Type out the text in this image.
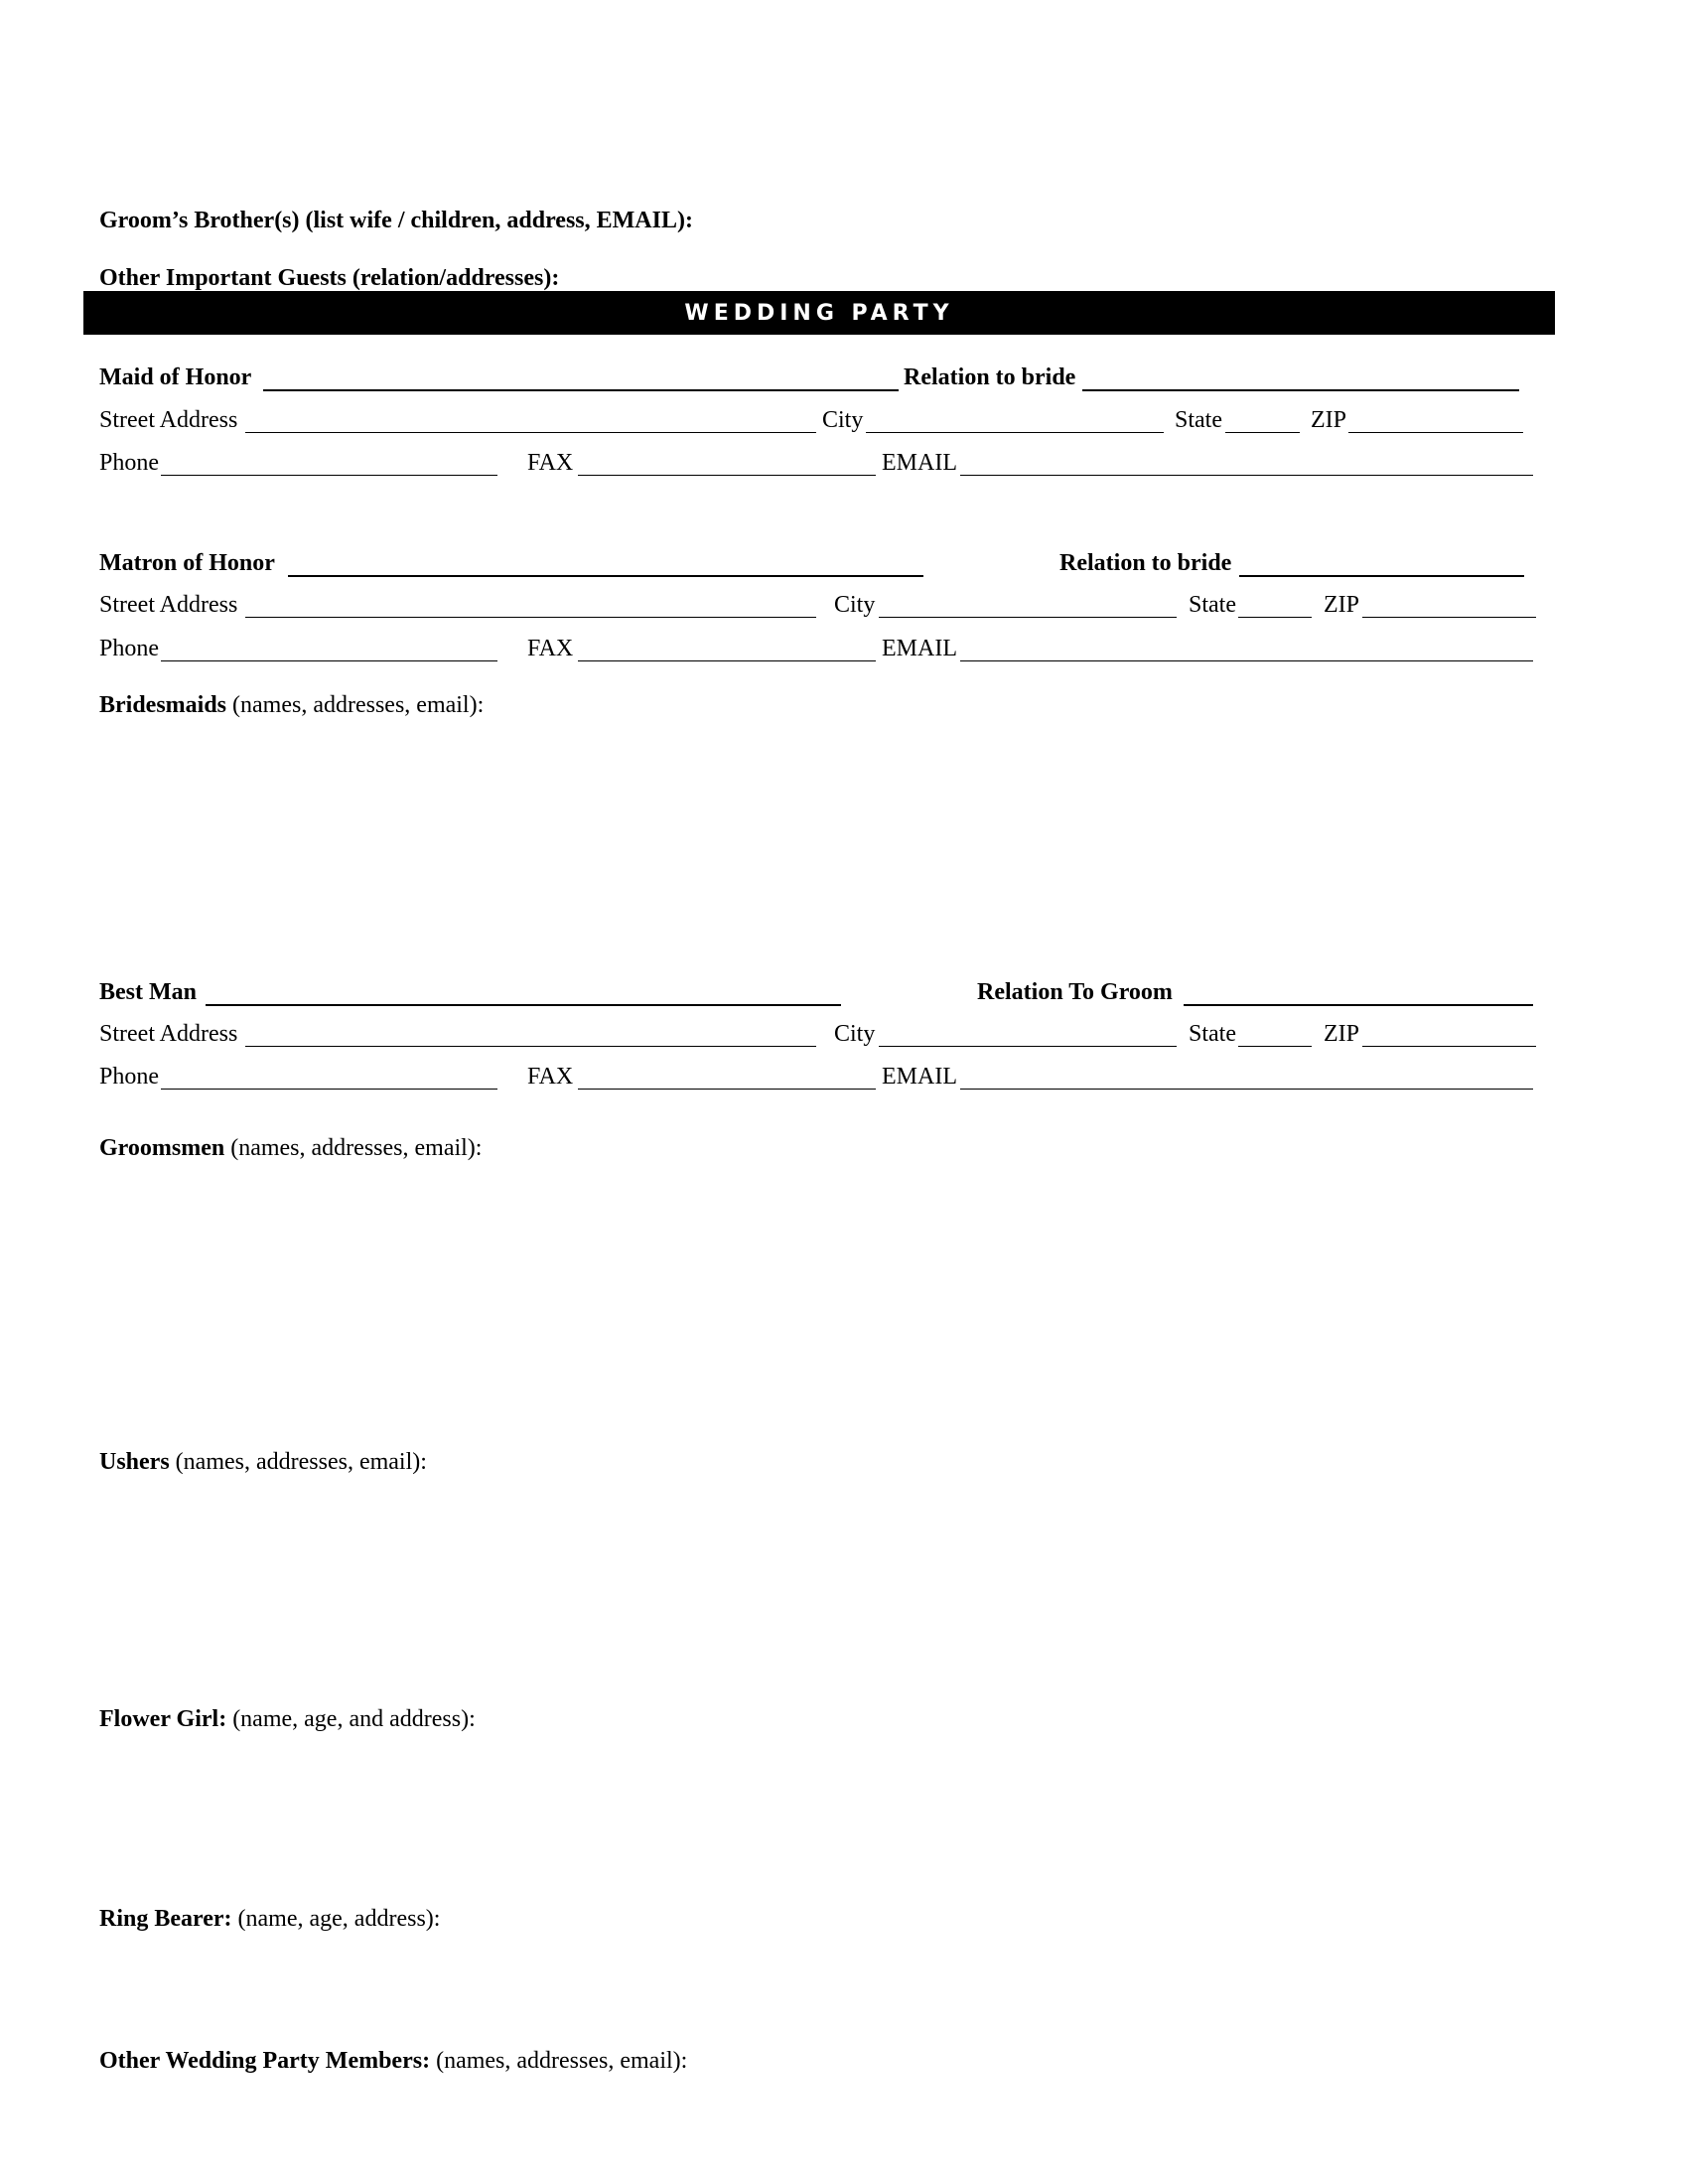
Groom’s Brother(s) (list wife / children, address, EMAIL):
Other Important Guests (relation/addresses):
WEDDING PARTY
Maid of Honor	Relation to bride
Street Address	City	State	ZIP
Phone	FAX	EMAIL
Matron of Honor	Relation to bride
Street Address	City	State	ZIP
Phone	FAX	EMAIL
Bridesmaids (names, addresses, email):
Best Man	Relation To Groom
Street Address	City	State	ZIP
Phone	FAX	EMAIL
Groomsmen (names, addresses, email):
Ushers (names, addresses, email):
Flower Girl: (name, age, and address):
Ring Bearer: (name, age, address):
Other Wedding Party Members: (names, addresses, email):
